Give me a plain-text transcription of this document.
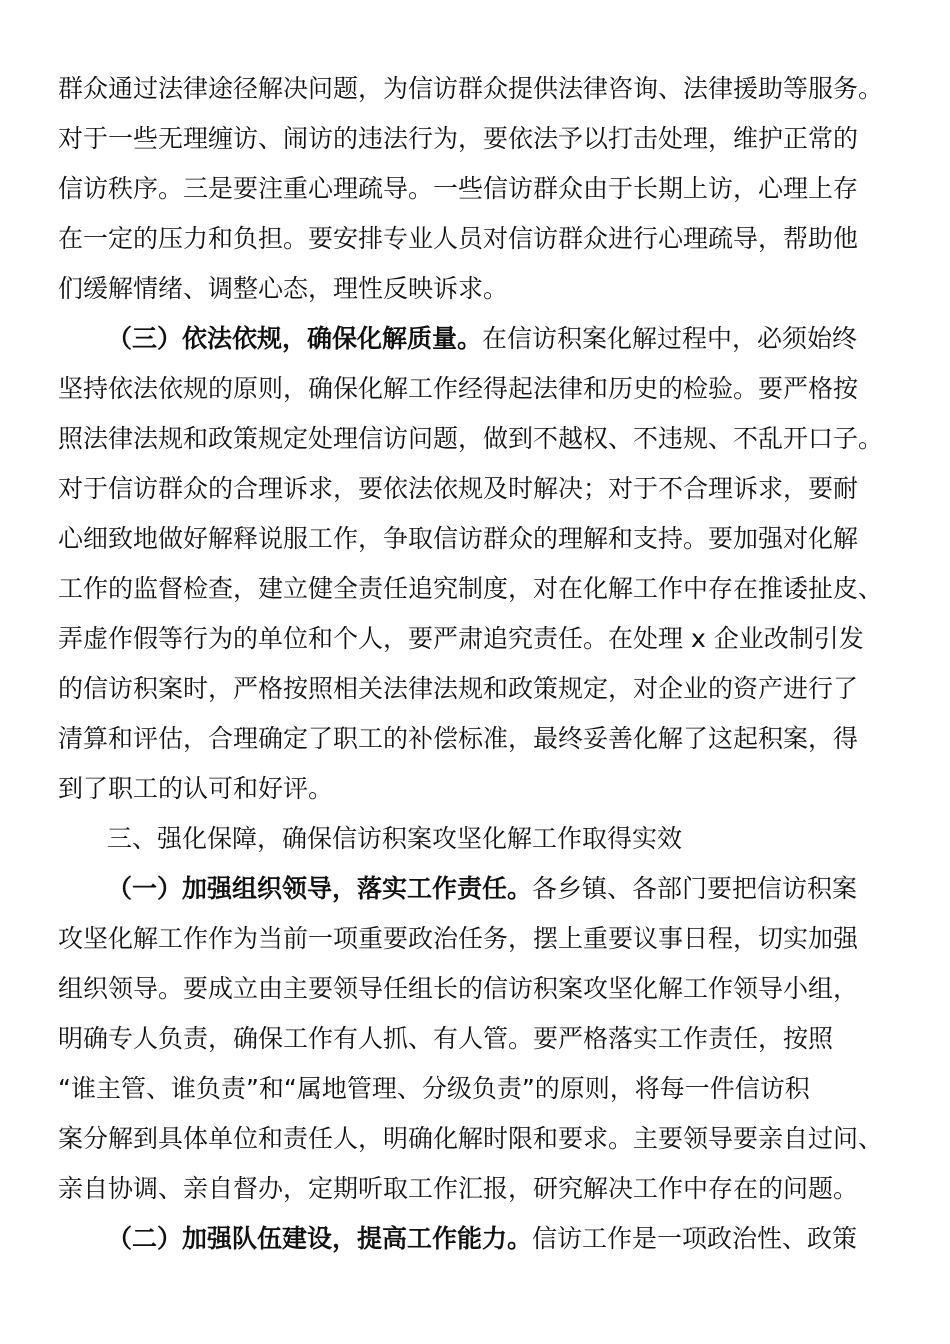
群众通过法律途径解决问题，为信访群众提供法律咨询、法律援助等服务。
对于一些无理缠访、闹访的违法行为，要依法予以打击处理，维护正常的
信访秩序。三是要注重心理疏导。一些信访群众由于长期上访，心理上存
在一定的压力和负担。要安排专业人员对信访群众进行心理疏导，帮助他
们缓解情绪、调整心态，理性反映诉求。
（三）依法依规，确保化解质量。 在信访积案化解过程中，必须始终
坚持依法依规的原则，确保化解工作经得起法律和历史的检验。要严格按
照法律法规和政策规定处理信访问题，做到不越权、不违规、不乱开口子。
对于信访群众的合理诉求，要依法依规及时解决；对于不合理诉求，要耐
心细致地做好解释说服工作，争取信访群众的理解和支持。要加强对化解
工作的监督检查，建立健全责任追究制度，对在化解工作中存在推诿扯皮、
弄虚作假等行为的单位和个人，要严肃追究责任。在处理 x 企业改制引发
的信访积案时，严格按照相关法律法规和政策规定，对企业的资产进行了
清算和评估，合理确定了职工的补偿标准，最终妥善化解了这起积案，得
到了职工的认可和好评。
三、强化保障，确保信访积案攻坚化解工作取得实效
（一）加强组织领导，落实工作责任。 各乡镇、各部门要把信访积案
攻坚化解工作作为当前一项重要政治任务，摆上重要议事日程，切实加强
组织领导。要成立由主要领导任组长的信访积案攻坚化解工作领导小组，
明确专人负责，确保工作有人抓、有人管。要严格落实工作责任，按照
“谁主管、谁负责”和“属地管理、分级负责”的原则，将每一件信访积
案分解到具体单位和责任人，明确化解时限和要求。主要领导要亲自过问、
亲自协调、亲自督办，定期听取工作汇报，研究解决工作中存在的问题。
（二）加强队伍建设，提高工作能力。 信访工作是一项政治性、政策
